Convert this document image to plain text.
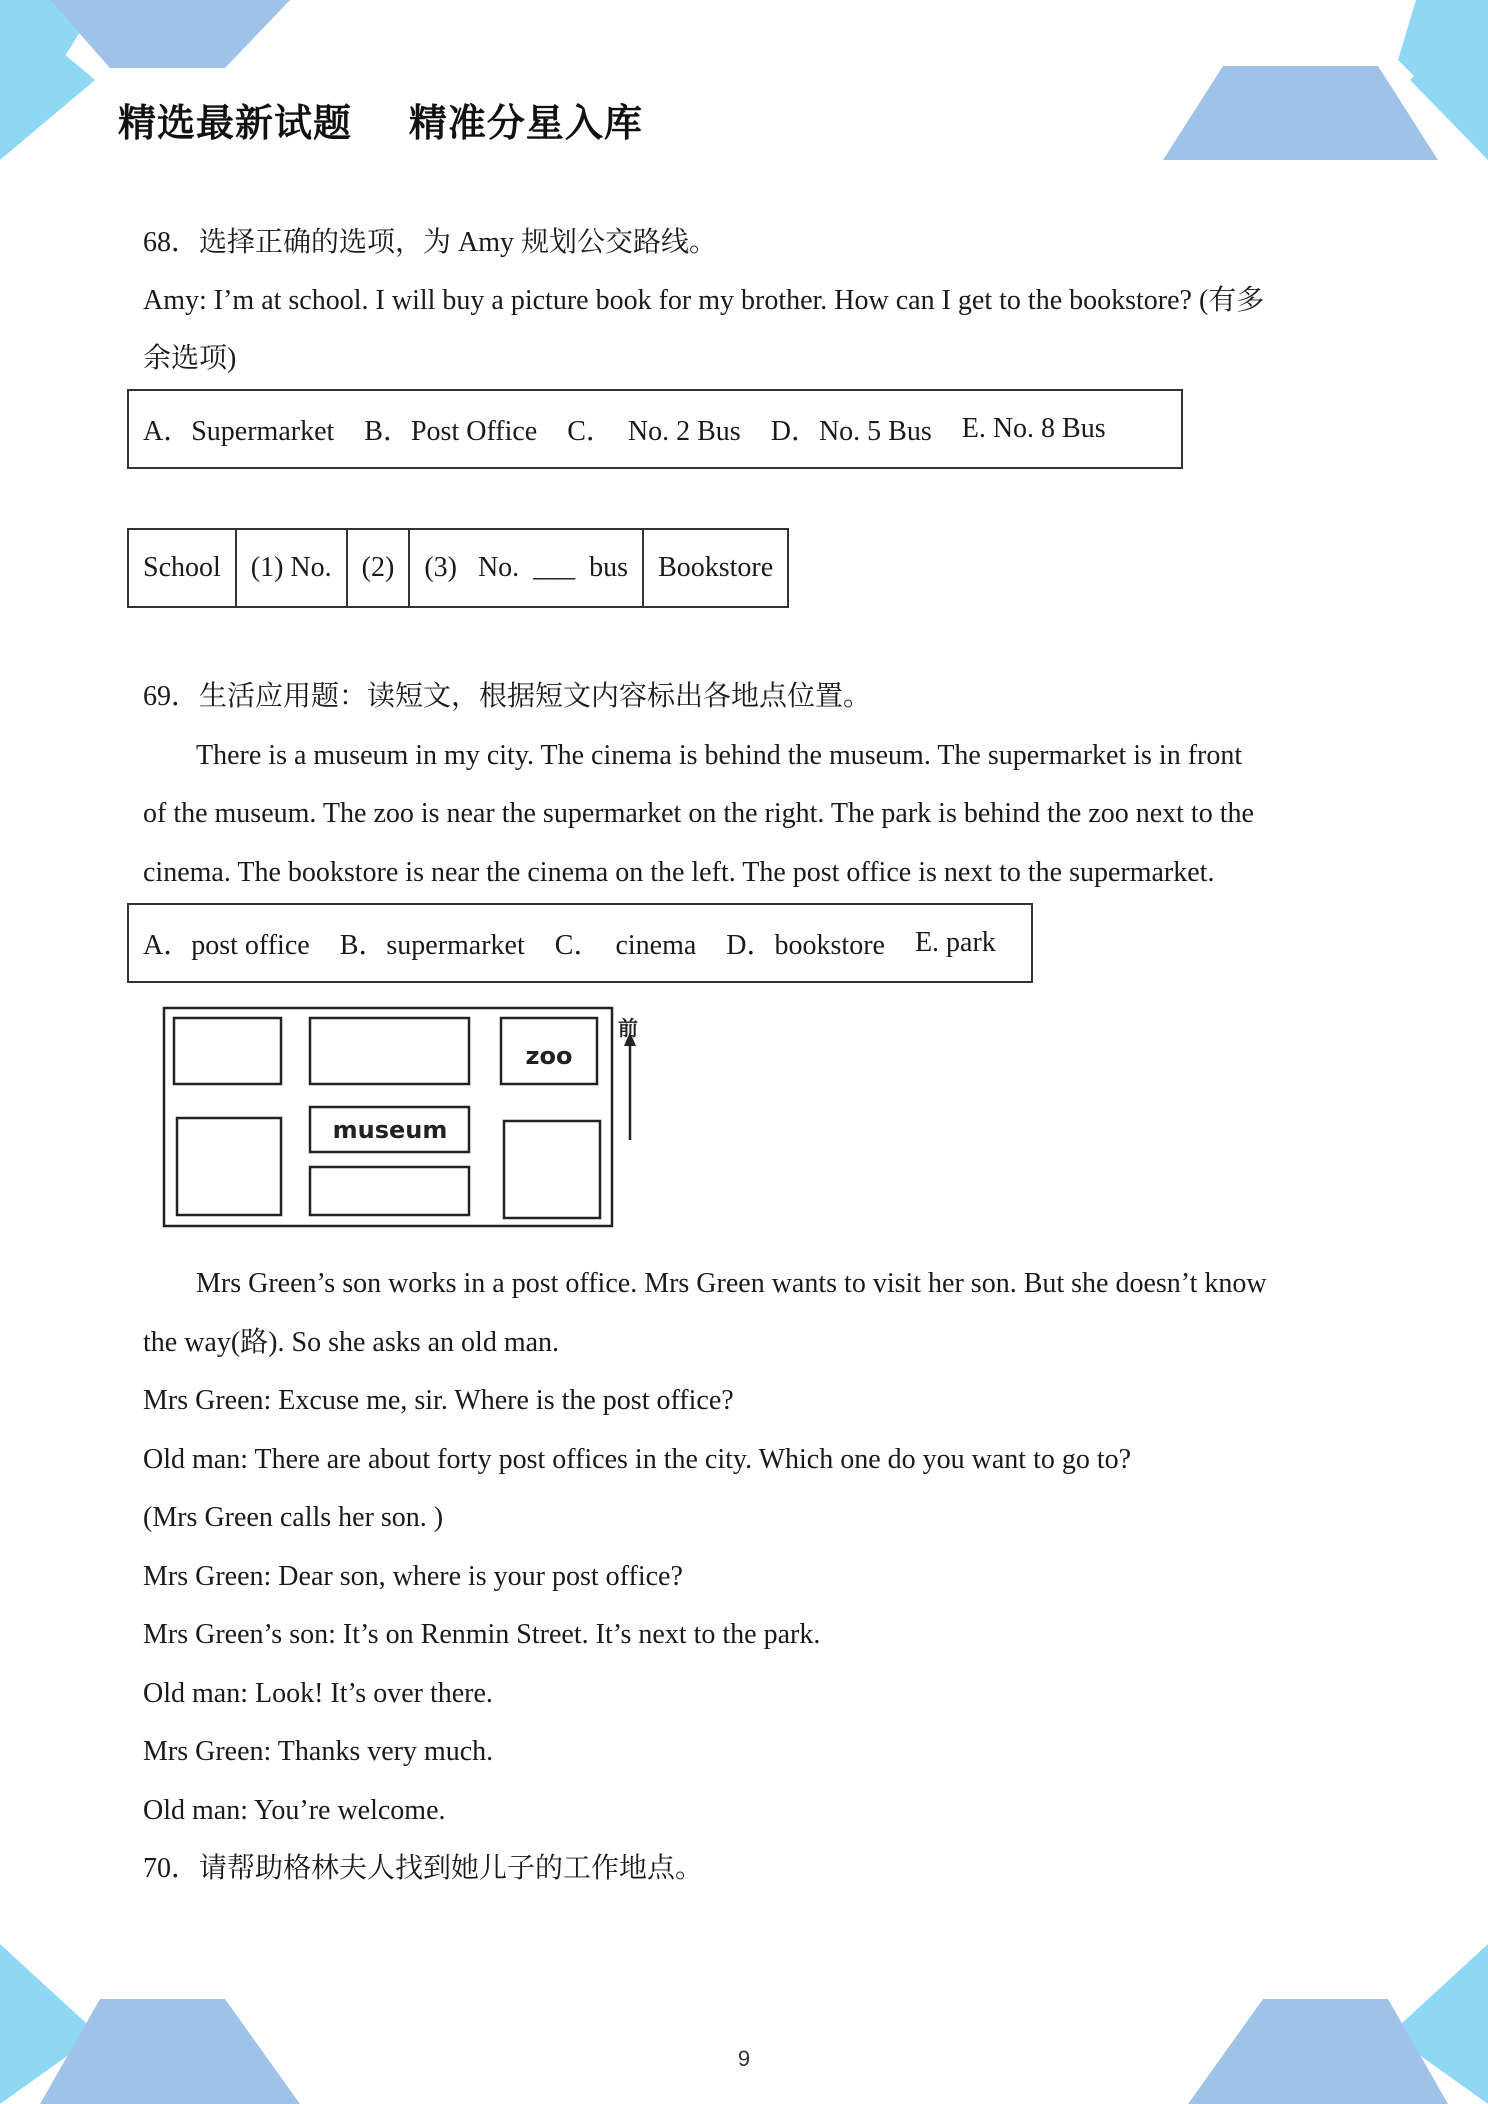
精选最新试题    精准分星入库
68．选择正确的选项，为 Amy 规划公交路线。
Amy: I’m at school. I will buy a picture book for my brother. How can I get to the bookstore? (有多
余选项)
A．Supermarket B．Post Office C．  No. 2 Bus D．No. 5 Bus E. No. 8 Bus
School	(1) No.	(2)	(3)   No.  ___  bus	Bookstore
69．生活应用题：读短文，根据短文内容标出各地点位置。
There is a museum in my city. The cinema is behind the museum. The supermarket is in front
of the museum. The zoo is near the supermarket on the right. The park is behind the zoo next to the
cinema. The bookstore is near the cinema on the left. The post office is next to the supermarket.
A．post office B．supermarket C．  cinema D．bookstore E. park
zoo
museum
前
Mrs Green’s son works in a post office. Mrs Green wants to visit her son. But she doesn’t know
the way(路). So she asks an old man.
Mrs Green: Excuse me, sir. Where is the post office?
Old man: There are about forty post offices in the city. Which one do you want to go to?
(Mrs Green calls her son. )
Mrs Green: Dear son, where is your post office?
Mrs Green’s son: It’s on Renmin Street. It’s next to the park.
Old man: Look! It’s over there.
Mrs Green: Thanks very much.
Old man: You’re welcome.
70．请帮助格林夫人找到她儿子的工作地点。
9
